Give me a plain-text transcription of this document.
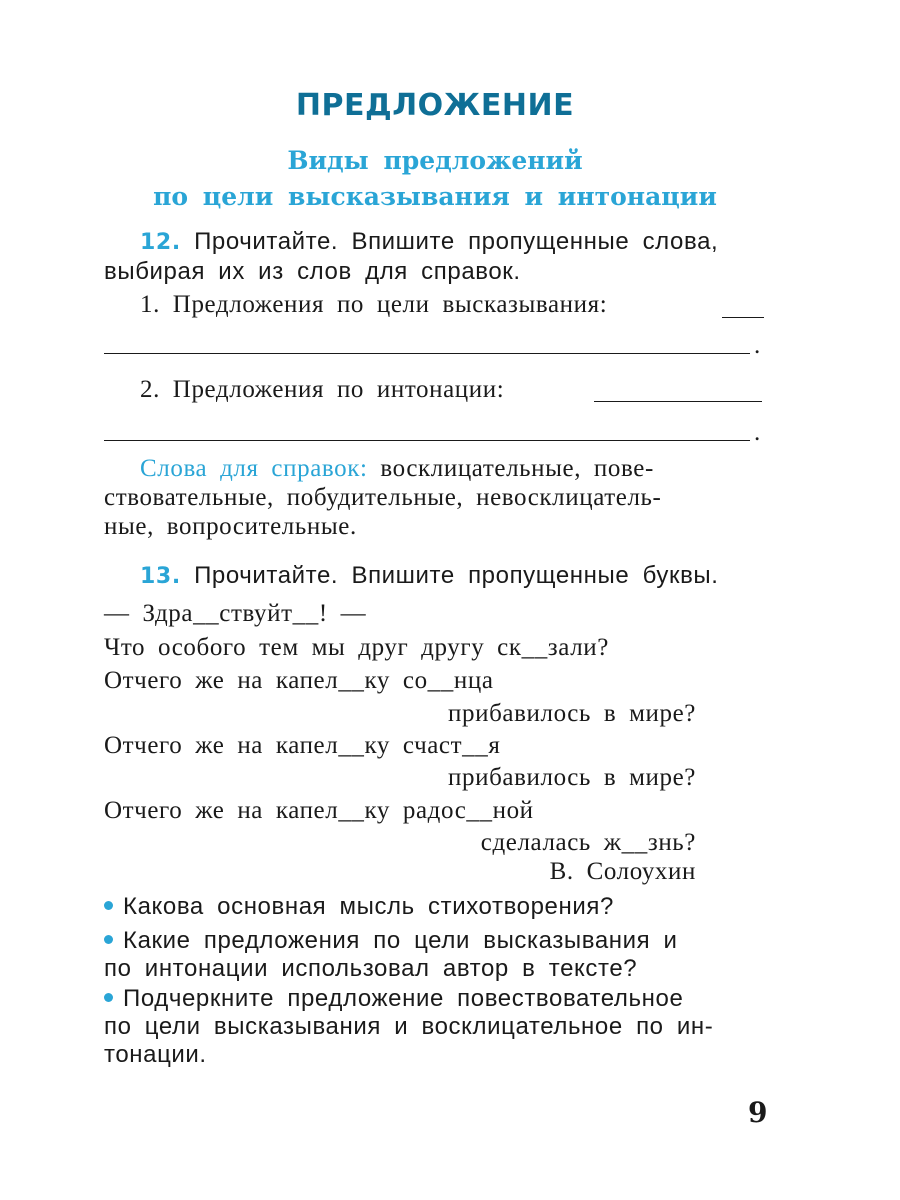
ПРЕДЛОЖЕНИЕ
Виды предложений
по цели высказывания и интонации
12. Прочитайте. Впишите пропущенные слова,
выбирая их из слов для справок.
1. Предложения по цели высказывания:
.
2. Предложения по интонации:
.
Слова для справок: восклицательные, пове-
ствовательные, побудительные, невосклицатель-
ные, вопросительные.
13. Прочитайте. Впишите пропущенные буквы.
— Здра__ствуйт__! —
Что особого тем мы друг другу ск__зали?
Отчего же на капел__ку со__нца
прибавилось в мире?
Отчего же на капел__ку счаст__я
прибавилось в мире?
Отчего же на капел__ку радос__ной
сделалась ж__знь?
В. Солоухин
Какова основная мысль стихотворения?
Какие предложения по цели высказывания и
по интонации использовал автор в тексте?
Подчеркните предложение повествовательное
по цели высказывания и восклицательное по ин-
тонации.
9
